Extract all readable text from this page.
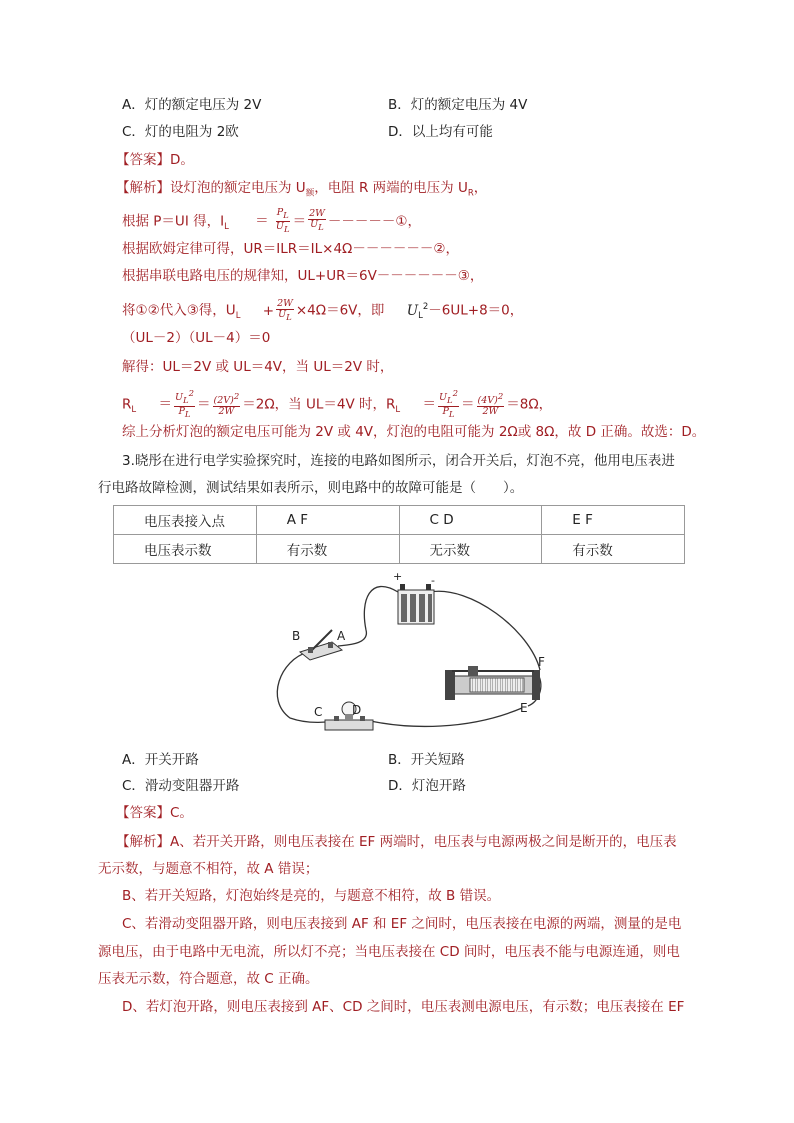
A．灯的额定电压为 2V	B．灯的额定电压为 4V
C．灯的电阻为 2欧	D．以上均有可能
【答案】D。
【解析】设灯泡的额定电压为 $U_额$，电阻 R 两端的电压为 $U_R$，
根据 P＝UI 得，$I_L = \frac{P_L}{U_L} = \frac{2W}{U_L}$ －－－－－①，
根据欧姆定律可得，UR＝ILR＝IL×4Ω－－－－－－②，
根据串联电路电压的规律知，UL+UR＝6V－－－－－－③，
将①②代入③得，$U_L + \frac{2W}{U_L} \times 4\Omega=6V$，即 $U_L^2-6UL+8=0$，
（UL－2）（UL－4）＝0
解得：UL＝2V 或 UL＝4V，当 UL＝2V 时，
$R_L = \frac{U_L^2}{P_L} = \frac{(2V)^2}{2W} =2\Omega$，当 UL＝4V 时，$R_L = \frac{U_L^2}{P_L} = \frac{(4V)^2}{2W} =8\Omega$，
综上分析灯泡的额定电压可能为 2V 或 4V，灯泡的电阻可能为 2Ω或 8Ω，故 D 正确。故选：D。
3.晓彤在进行电学实验探究时，连接的电路如图所示，闭合开关后，灯泡不亮，他用电压表进
行电路故障检测，测试结果如表所示，则电路中的故障可能是（　　）。
电压表接入点	A F	C D	E F
电压表示数	有示数	无示数	有示数
+	-
B	A
F
E
C D
A．开关开路	B．开关短路
C．滑动变阻器开路	D．灯泡开路
【答案】C。
【解析】A、若开关开路，则电压表接在 EF 两端时，电压表与电源两极之间是断开的，电压表
无示数，与题意不相符，故 A 错误；
B、若开关短路，灯泡始终是亮的，与题意不相符，故 B 错误。
C、若滑动变阻器开路，则电压表接到 AF 和 EF 之间时，电压表接在电源的两端，测量的是电
源电压，由于电路中无电流，所以灯不亮；当电压表接在 CD 间时，电压表不能与电源连通，则电
压表无示数，符合题意，故 C 正确。
D、若灯泡开路，则电压表接到 AF、CD 之间时，电压表测电源电压，有示数；电压表接在 EF
